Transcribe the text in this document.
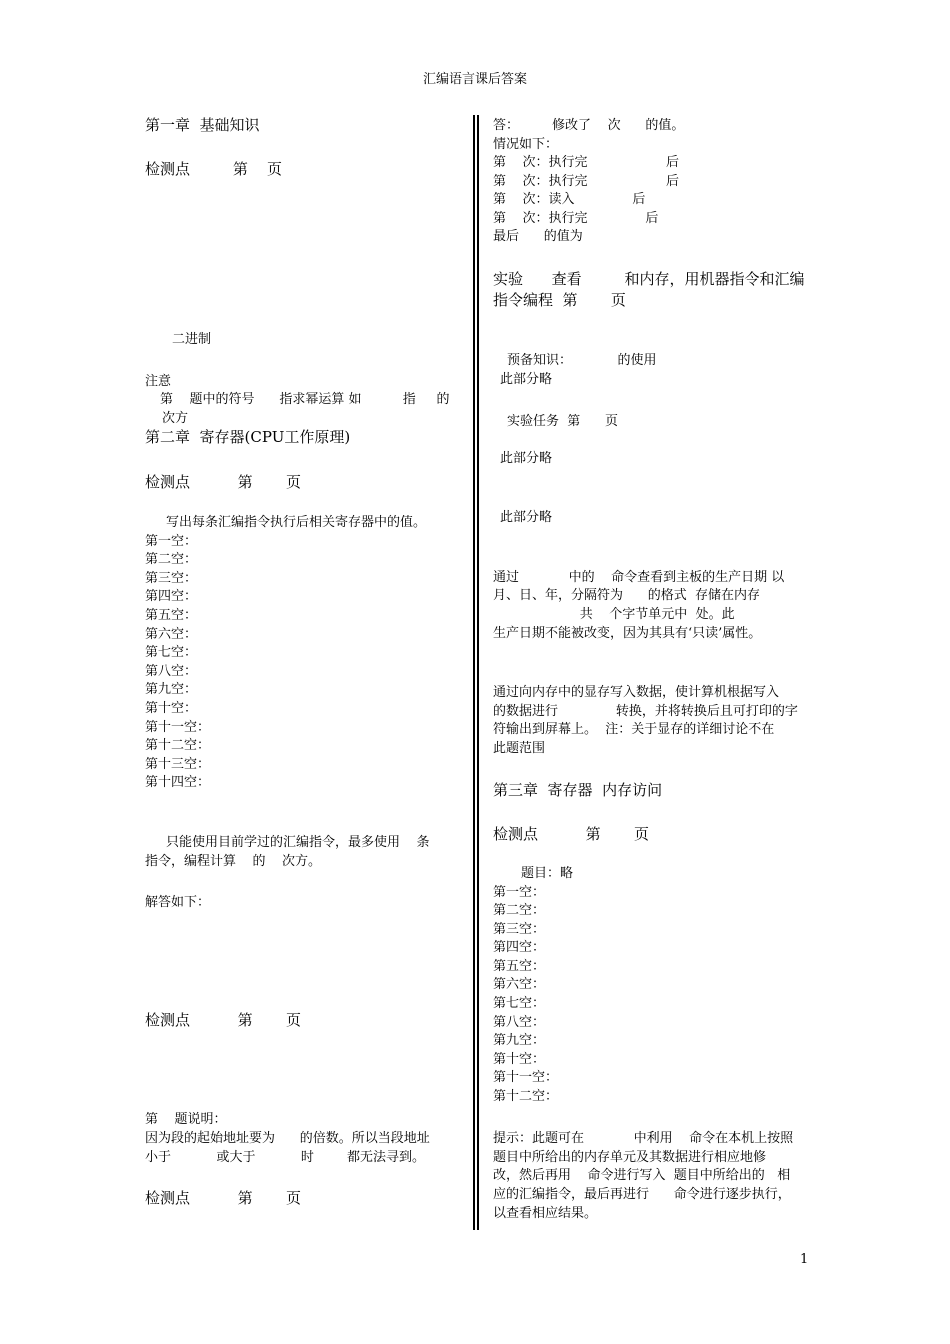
汇编语言课后答案
第一章  基础知识
检测点         第    页
二进制
注意
第    题中的符号      指求幂运算 如          指     的
次方
第二章  寄存器(CPU工作原理)
检测点          第       页
写出每条汇编指令执行后相关寄存器中的值。
第一空：
第二空：
第三空：
第四空：
第五空：
第六空：
第七空：
第八空：
第九空：
第十空：
第十一空：
第十二空：
第十三空：
第十四空：
只能使用目前学过的汇编指令，最多使用    条
指令，编程计算    的    次方。
解答如下：
检测点          第       页
第    题说明：
因为段的起始地址要为      的倍数。所以当段地址
小于           或大于           时        都无法寻到。
检测点          第       页
答：        修改了    次      的值。
情况如下：
第    次：执行完                   后
第    次：执行完                   后
第    次：读入              后
第    次：执行完              后
最后      的值为
实验      查看         和内存，用机器指令和汇编
指令编程  第       页
预备知识：           的使用
此部分略
实验任务  第      页
此部分略
此部分略
通过            中的    命令查看到主板的生产日期 以
月、日、年，分隔符为      的格式  存储在内存
共    个字节单元中  处。此
生产日期不能被改变，因为其具有‘只读’属性。
通过向内存中的显存写入数据，使计算机根据写入
的数据进行              转换，并将转换后且可打印的字
符输出到屏幕上。  注：关于显存的详细讨论不在
此题范围
第三章  寄存器  内存访问
检测点          第       页
题目：略
第一空：
第二空：
第三空：
第四空：
第五空：
第六空：
第七空：
第八空：
第九空：
第十空：
第十一空：
第十二空：
提示：此题可在            中利用    命令在本机上按照
题目中所给出的内存单元及其数据进行相应地修
改，然后再用    命令进行写入  题目中所给出的   相
应的汇编指令，最后再进行      命令进行逐步执行，
以查看相应结果。
1
